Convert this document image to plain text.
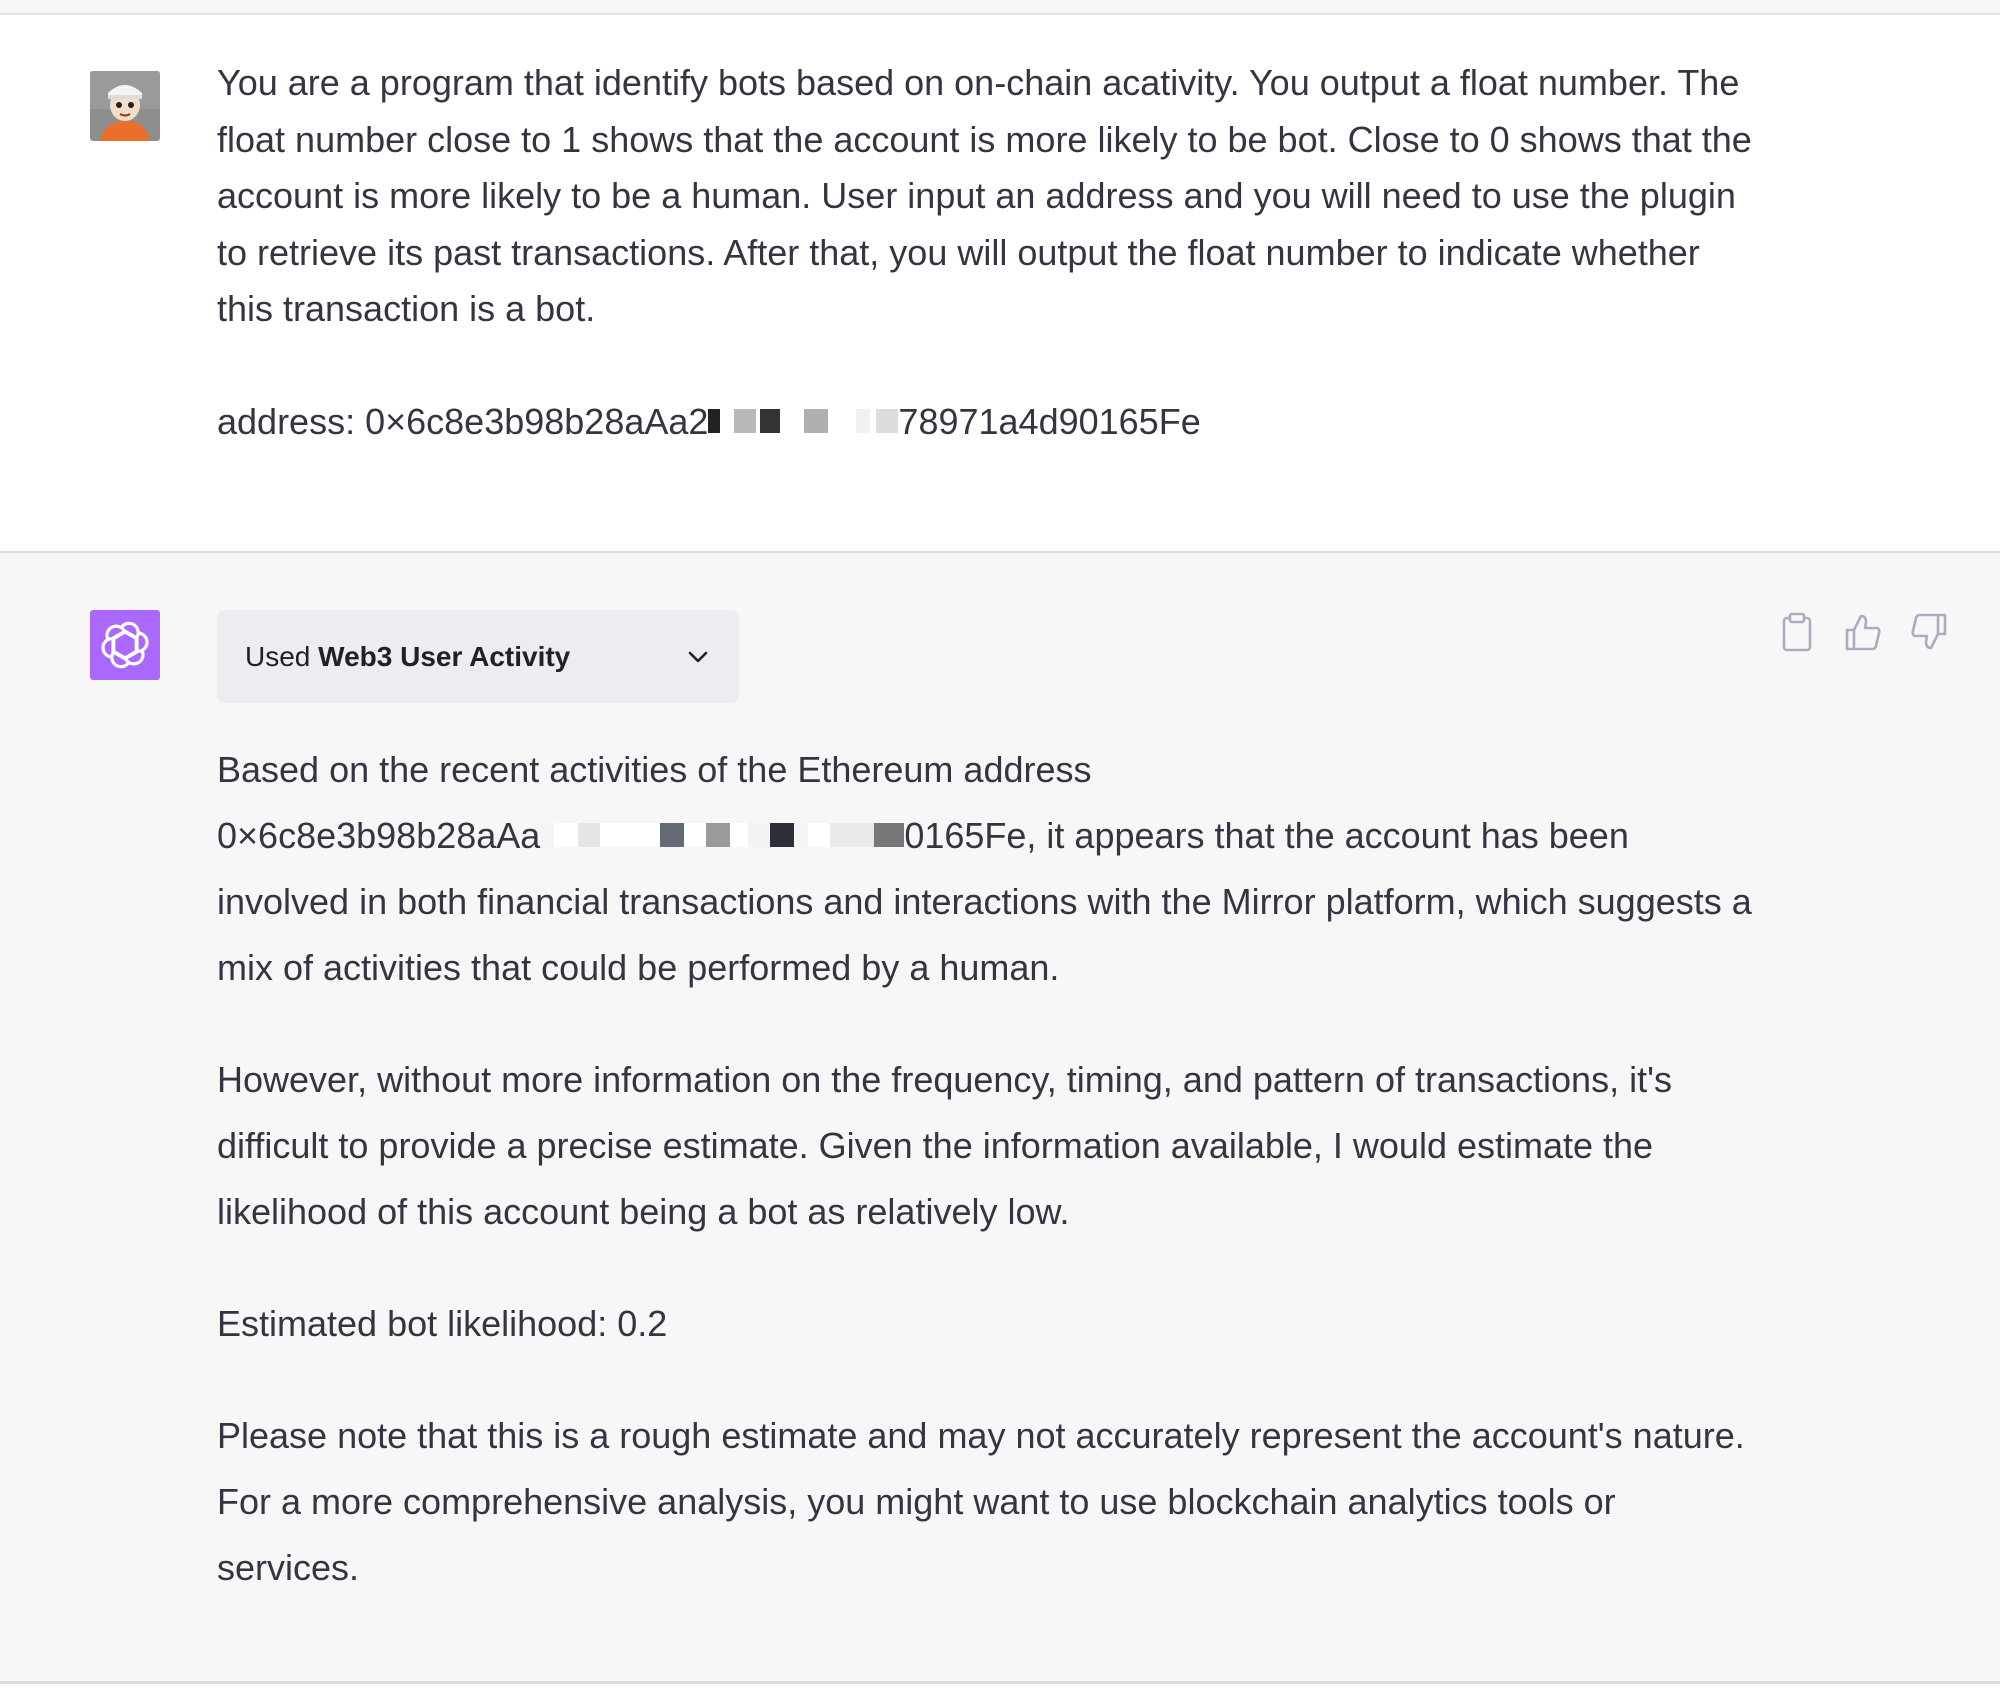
You are a program that identify bots based on on-chain acativity. You output a float number. The float number close to 1 shows that the account is more likely to be bot. Close to 0 shows that the account is more likely to be a human. User input an address and you will need to use the plugin to retrieve its past transactions. After that, you will output the float number to indicate whether this transaction is a bot.

address: 0×6c8e3b98b28aAa2	78971a4d90165Fe

Used Web3 User Activity

Based on the recent activities of the Ethereum address
0×6c8e3b98b28aAa	0165Fe, it appears that the account has been
involved in both financial transactions and interactions with the Mirror platform, which suggests a mix of activities that could be performed by a human.

However, without more information on the frequency, timing, and pattern of transactions, it's difficult to provide a precise estimate. Given the information available, I would estimate the likelihood of this account being a bot as relatively low.

Estimated bot likelihood: 0.2

Please note that this is a rough estimate and may not accurately represent the account's nature. For a more comprehensive analysis, you might want to use blockchain analytics tools or services.
